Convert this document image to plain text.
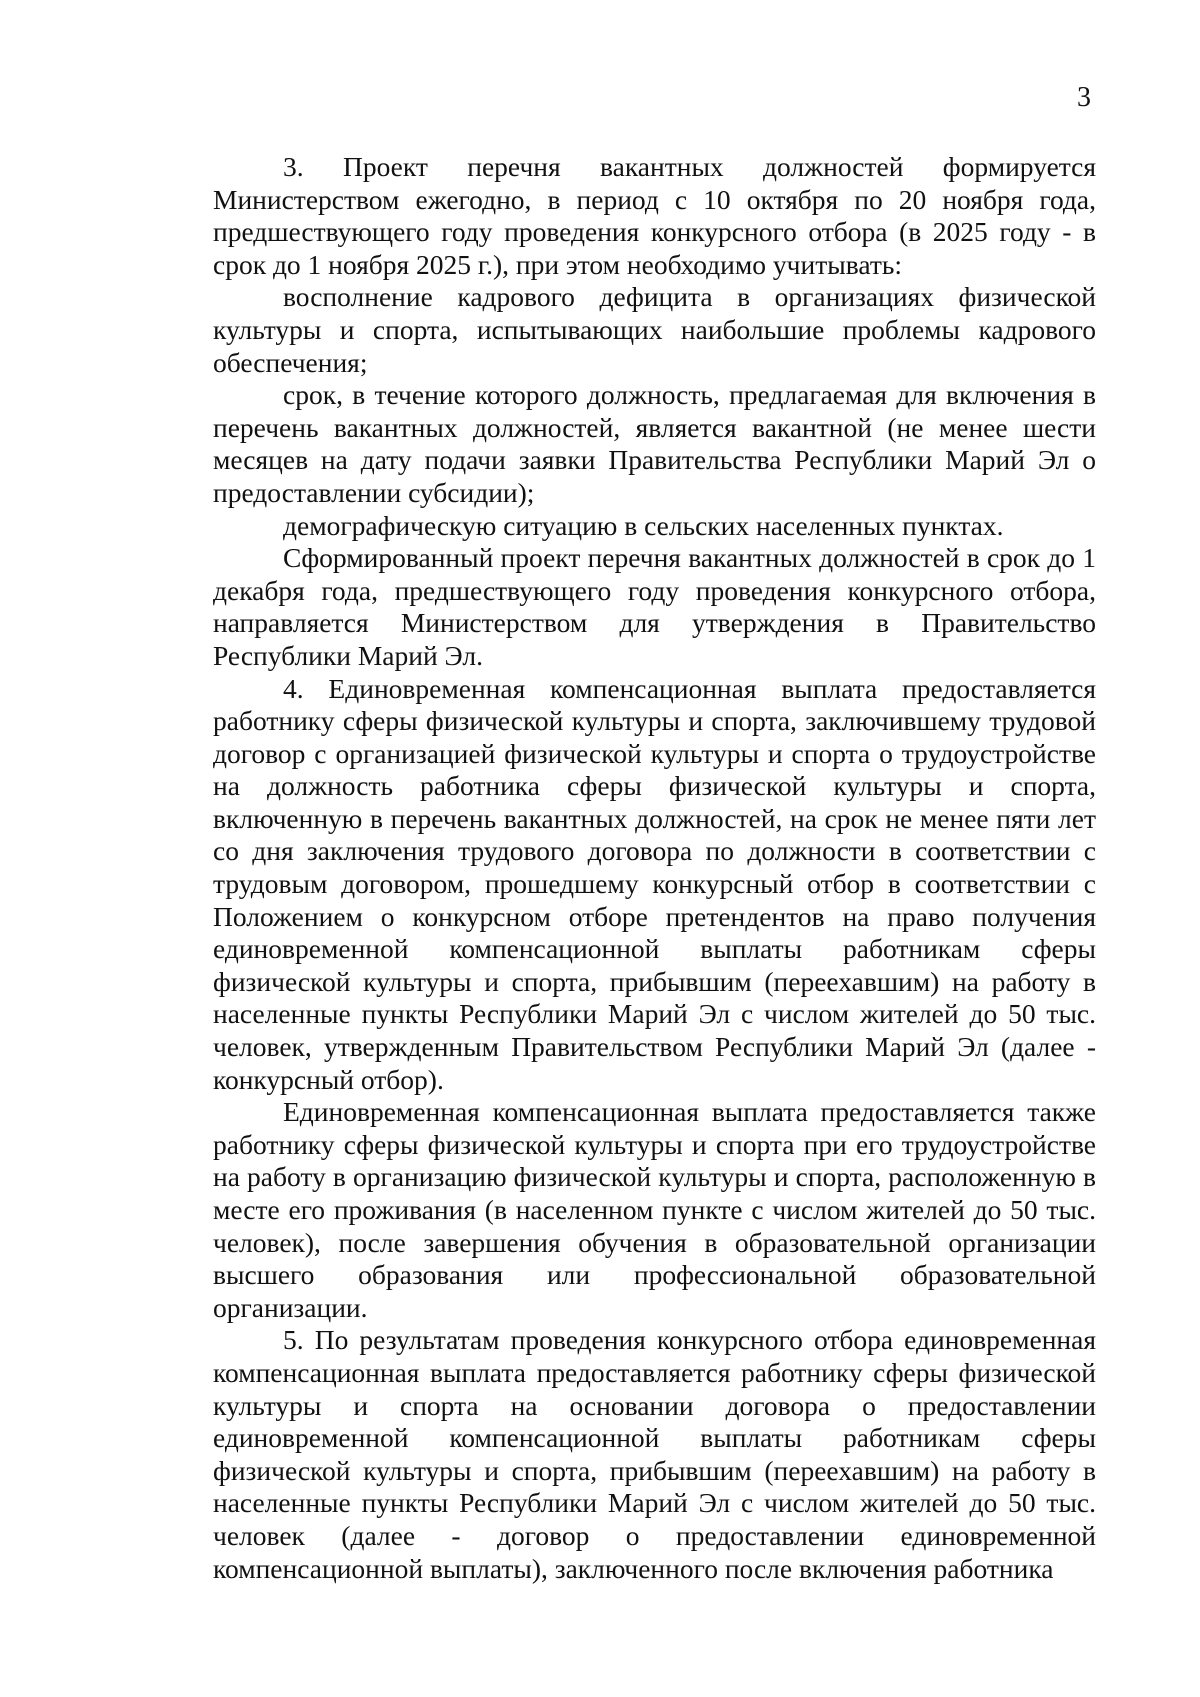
3

3. Проект перечня вакантных должностей формируется Министерством ежегодно, в период с 10 октября по 20 ноября года, предшествующего году проведения конкурсного отбора (в 2025 году - в срок до 1 ноября 2025 г.), при этом необходимо учитывать:

восполнение кадрового дефицита в организациях физической культуры и спорта, испытывающих наибольшие проблемы кадрового обеспечения;

срок, в течение которого должность, предлагаемая для включения в перечень вакантных должностей, является вакантной (не менее шести месяцев на дату подачи заявки Правительства Республики Марий Эл о предоставлении субсидии);

демографическую ситуацию в сельских населенных пунктах.

Сформированный проект перечня вакантных должностей в срок до 1 декабря года, предшествующего году проведения конкурсного отбора, направляется Министерством для утверждения в Правительство Республики Марий Эл.

4. Единовременная компенсационная выплата предоставляется работнику сферы физической культуры и спорта, заключившему трудовой договор с организацией физической культуры и спорта о трудоустройстве на должность работника сферы физической культуры и спорта, включенную в перечень вакантных должностей, на срок не менее пяти лет со дня заключения трудового договора по должности в соответствии с трудовым договором, прошедшему конкурсный отбор в соответствии с Положением о конкурсном отборе претендентов на право получения единовременной компенсационной выплаты работникам сферы физической культуры и спорта, прибывшим (переехавшим) на работу в населенные пункты Республики Марий Эл с числом жителей до 50 тыс. человек, утвержденным Правительством Республики Марий Эл (далее - конкурсный отбор).

Единовременная компенсационная выплата предоставляется также работнику сферы физической культуры и спорта при его трудоустройстве на работу в организацию физической культуры и спорта, расположенную в месте его проживания (в населенном пункте с числом жителей до 50 тыс. человек), после завершения обучения в образовательной организации высшего образования или профессиональной образовательной организации.

5. По результатам проведения конкурсного отбора единовременная компенсационная выплата предоставляется работнику сферы физической культуры и спорта на основании договора о предоставлении единовременной компенсационной выплаты работникам сферы физической культуры и спорта, прибывшим (переехавшим) на работу в населенные пункты Республики Марий Эл с числом жителей до 50 тыс. человек (далее - договор о предоставлении единовременной компенсационной выплаты), заключенного после включения работника
